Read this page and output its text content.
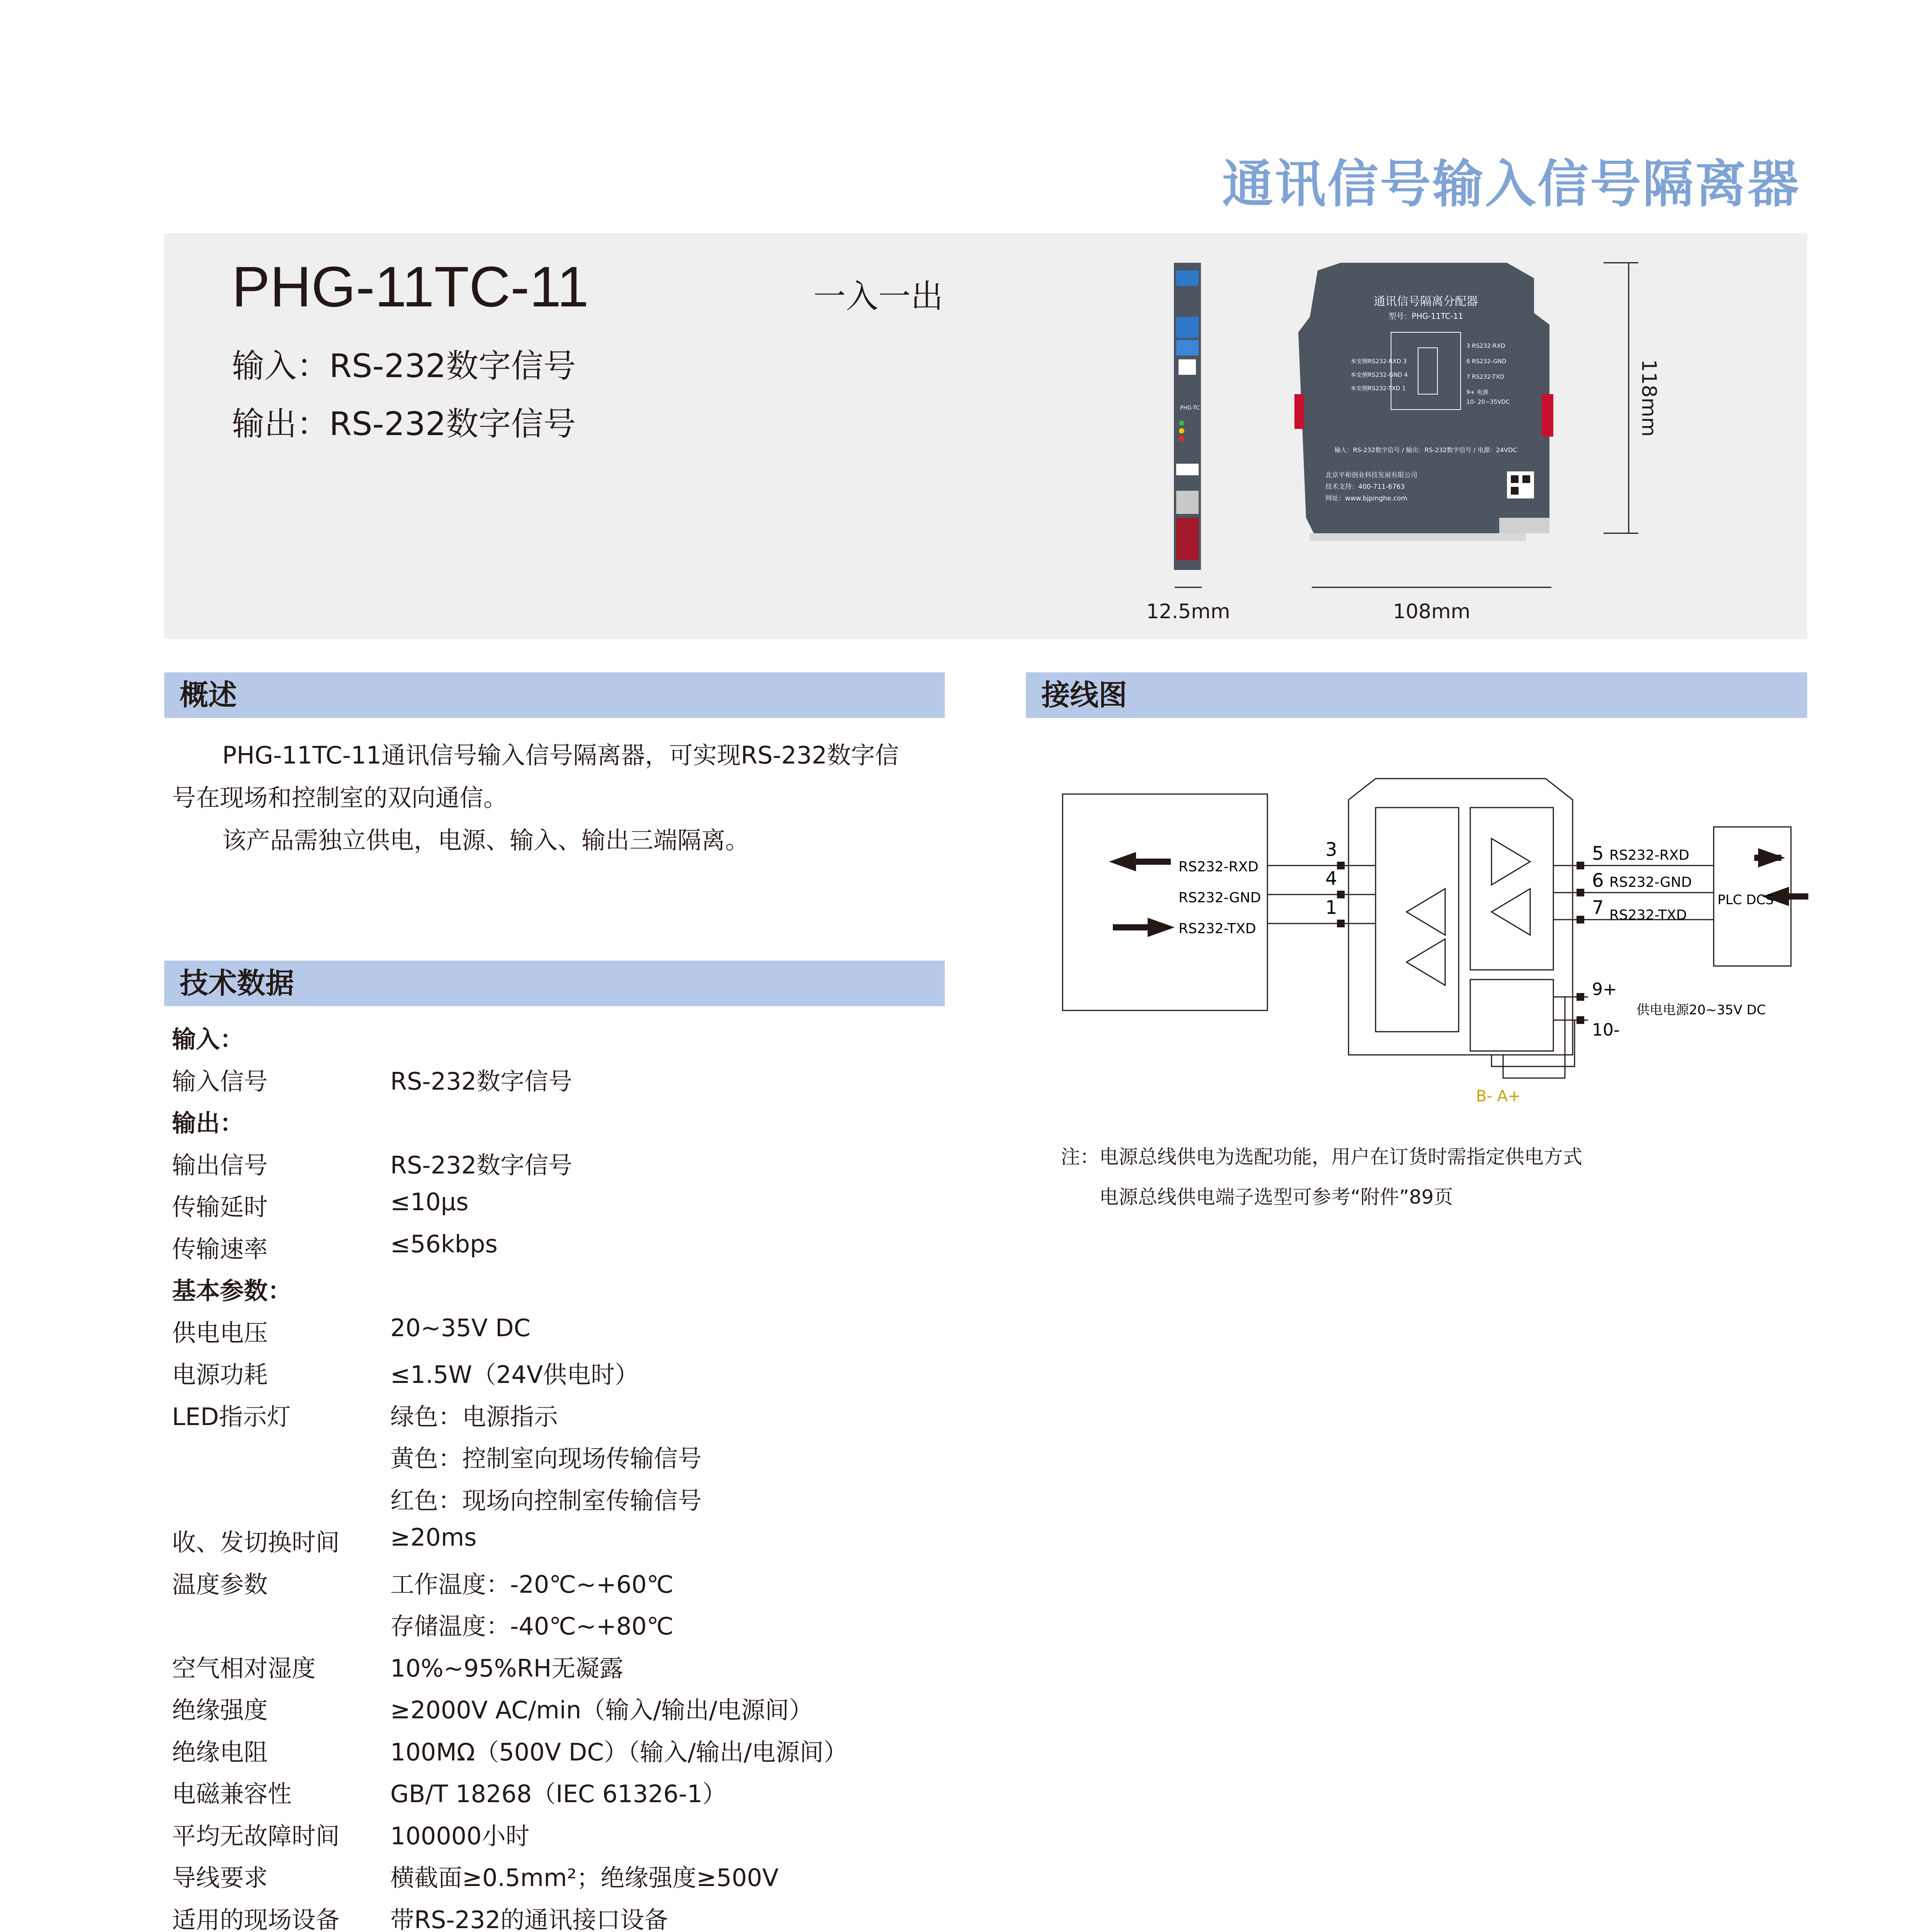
通讯信号输入信号隔离器
PHG-11TC-11	一入一出
输入：RS-232数字信号
输出：RS-232数字信号	PHG-TC
通讯信号隔离分配器
型号：PHG-11TC-11
3 RS232-RXD
6 RS232-GND
7 RS232-TXD
9+ 电源
10- 20~35VDC
本安侧RS232-RXD 3
本安侧RS232-GND 4
本安侧RS232-TXD 1
输入：RS-232数字信号 / 输出：RS-232数字信号 / 电源：24VDC
北京平和创业科技发展有限公司
技术支持：400-711-6763
网址：www.bjpinghe.com
12.5mm	108mm
118mm
概述
PHG-11TC-11通讯信号输入信号隔离器，可实现RS-232数字信
号在现场和控制室的双向通信。
该产品需独立供电，电源、输入、输出三端隔离。
接线图
RS232-RXD
RS232-GND
RS232-TXD
3
4
1
5
6
7
RS232-RXD
RS232-GND
RS232-TXD
PLC DCS
9+
10-
供电电源20~35V DC
B- A+
注：电源总线供电为选配功能，用户在订货时需指定供电方式
电源总线供电端子选型可参考“附件”89页
技术数据
输入：
输入信号	RS-232数字信号
输出：
输出信号	RS-232数字信号
传输延时	≤10μs
传输速率	≤56kbps
基本参数：
供电电压	20~35V DC
电源功耗	≤1.5W（24V供电时）
LED指示灯	绿色：电源指示
黄色：控制室向现场传输信号
红色：现场向控制室传输信号
收、发切换时间 ≥20ms
温度参数	工作温度：-20℃~+60℃
存储温度：-40℃~+80℃
空气相对湿度	10%~95%RH无凝露
绝缘强度	≥2000V AC/min（输入/输出/电源间）
绝缘电阻	100MΩ（500V DC）（输入/输出/电源间）
电磁兼容性	GB/T 18268（IEC 61326-1）
平均无故障时间 100000小时
导线要求	横截面≥0.5mm²；绝缘强度≥500V
适用的现场设备 带RS-232的通讯接口设备
